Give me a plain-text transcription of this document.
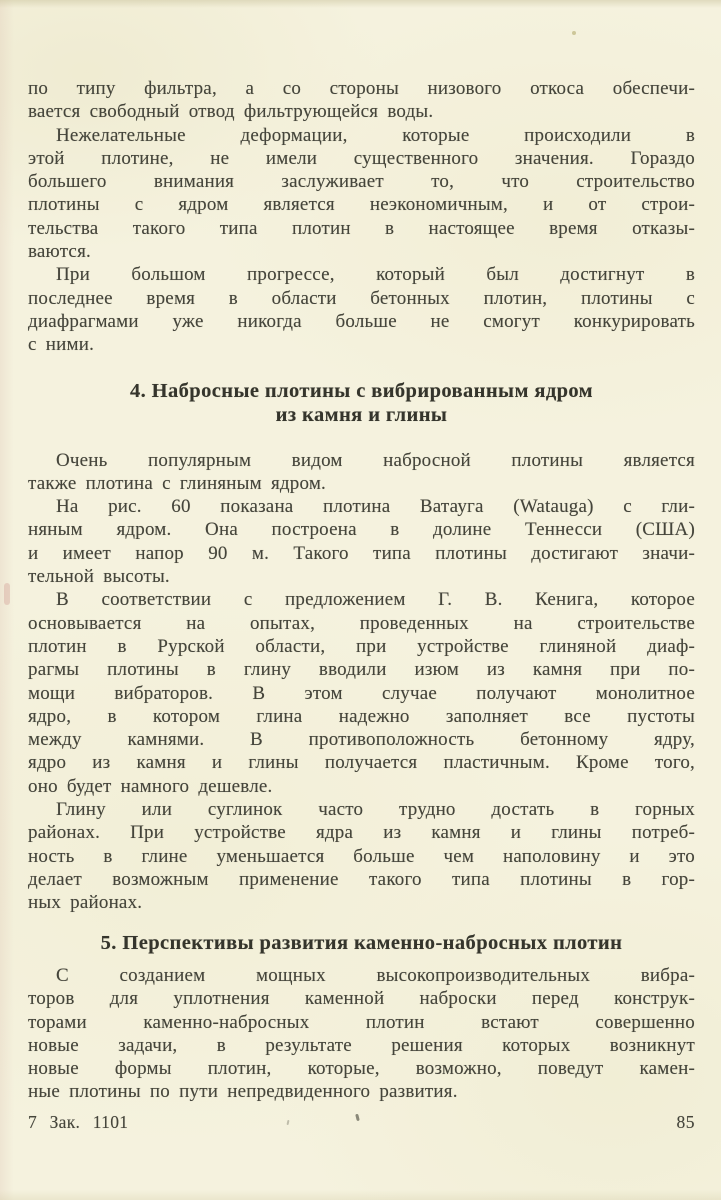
по типу фильтра, а со стороны низового откоса обеспечи-
вается свободный отвод фильтрующейся воды.
Нежелательные деформации, которые происходили в
этой плотине, не имели существенного значения. Гораздо
большего внимания заслуживает то, что строительство
плотины с ядром является неэкономичным, и от строи-
тельства такого типа плотин в настоящее время отказы-
ваются.
При большом прогрессе, который был достигнут в
последнее время в области бетонных плотин, плотины с
диафрагмами уже никогда больше не смогут конкурировать
с ними.
4. Набросные плотины с вибрированным ядром
из камня и глины
Очень популярным видом набросной плотины является
также плотина с глиняным ядром.
На рис. 60 показана плотина Ватауга (Watauga) с гли-
няным ядром. Она построена в долине Теннесси (США)
и имеет напор 90 м. Такого типа плотины достигают значи-
тельной высоты.
В соответствии с предложением Г. В. Кенига, которое
основывается на опытах, проведенных на строительстве
плотин в Рурской области, при устройстве глиняной диаф-
рагмы плотины в глину вводили изюм из камня при по-
мощи вибраторов. В этом случае получают монолитное
ядро, в котором глина надежно заполняет все пустоты
между камнями. В противоположность бетонному ядру,
ядро из камня и глины получается пластичным. Кроме того,
оно будет намного дешевле.
Глину или суглинок часто трудно достать в горных
районах. При устройстве ядра из камня и глины потреб-
ность в глине уменьшается больше чем наполовину и это
делает возможным применение такого типа плотины в гор-
ных районах.
5. Перспективы развития каменно-набросных плотин
С созданием мощных высокопроизводительных вибра-
торов для уплотнения каменной наброски перед конструк-
торами каменно-набросных плотин встают совершенно
новые задачи, в результате решения которых возникнут
новые формы плотин, которые, возможно, поведут камен-
ные плотины по пути непредвиденного развития.
7 Зак. 1101	85
